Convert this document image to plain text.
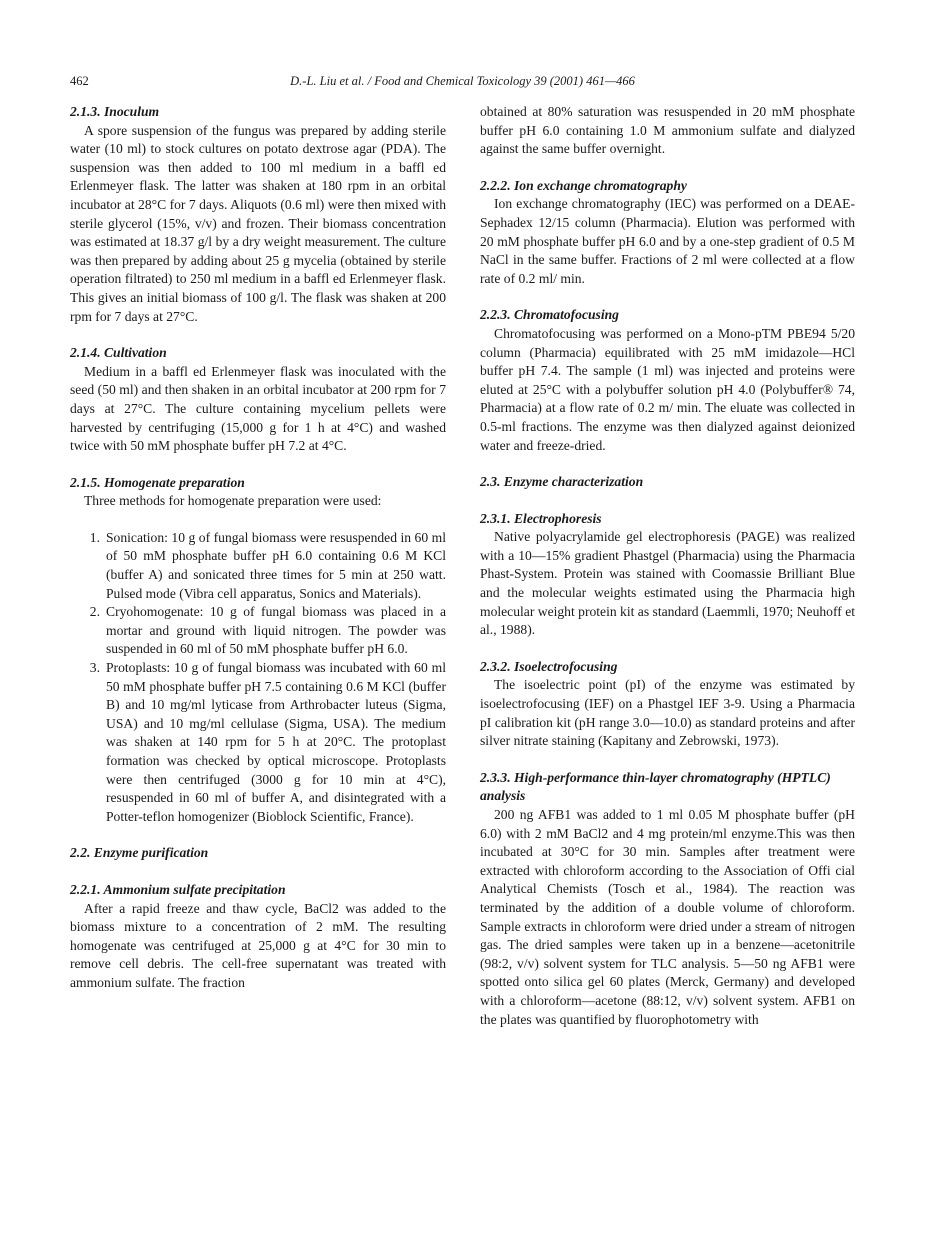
462	D.-L. Liu et al. / Food and Chemical Toxicology 39 (2001) 461—466
2.1.3. Inoculum

A spore suspension of the fungus was prepared by adding sterile water (10 ml) to stock cultures on potato dextrose agar (PDA). The suspension was then added to 100 ml medium in a baffl ed Erlenmeyer flask. The latter was shaken at 180 rpm in an orbital incubator at 28°C for 7 days. Aliquots (0.6 ml) were then mixed with sterile glycerol (15%, v/v) and frozen. Their biomass concentration was estimated at 18.37 g/l by a dry weight measurement. The culture was then prepared by adding about 25 g mycelia (obtained by sterile operation filtrated) to 250 ml medium in a baffl ed Erlenmeyer flask. This gives an initial biomass of 100 g/l. The flask was shaken at 200 rpm for 7 days at 27°C.

2.1.4. Cultivation

Medium in a baffl ed Erlenmeyer flask was inoculated with the seed (50 ml) and then shaken in an orbital incubator at 200 rpm for 7 days at 27°C. The culture containing mycelium pellets were harvested by centrifuging (15,000 g for 1 h at 4°C) and washed twice with 50 mM phosphate buffer pH 7.2 at 4°C.

2.1.5. Homogenate preparation

Three methods for homogenate preparation were used:

1. Sonication: 10 g of fungal biomass were resuspended in 60 ml of 50 mM phosphate buffer pH 6.0 containing 0.6 M KCl (buffer A) and sonicated three times for 5 min at 250 watt. Pulsed mode (Vibra cell apparatus, Sonics and Materials).
2. Cryohomogenate: 10 g of fungal biomass was placed in a mortar and ground with liquid nitrogen. The powder was suspended in 60 ml of 50 mM phosphate buffer pH 6.0.
3. Protoplasts: 10 g of fungal biomass was incubated with 60 ml 50 mM phosphate buffer pH 7.5 containing 0.6 M KCl (buffer B) and 10 mg/ml lyticase from Arthrobacter luteus (Sigma, USA) and 10 mg/ml cellulase (Sigma, USA). The medium was shaken at 140 rpm for 5 h at 20°C. The protoplast formation was checked by optical microscope. Protoplasts were then centrifuged (3000 g for 10 min at 4°C), resuspended in 60 ml of buffer A, and disintegrated with a Potter-teflon homogenizer (Bioblock Scientific, France).
2.2. Enzyme purification
2.2.1. Ammonium sulfate precipitation

After a rapid freeze and thaw cycle, BaCl2 was added to the biomass mixture to a concentration of 2 mM. The resulting homogenate was centrifuged at 25,000 g at 4°C for 30 min to remove cell debris. The cell-free supernatant was treated with ammonium sulfate. The fraction

obtained at 80% saturation was resuspended in 20 mM phosphate buffer pH 6.0 containing 1.0 M ammonium sulfate and dialyzed against the same buffer overnight.

2.2.2. Ion exchange chromatography

Ion exchange chromatography (IEC) was performed on a DEAE-Sephadex 12/15 column (Pharmacia). Elution was performed with 20 mM phosphate buffer pH 6.0 and by a one-step gradient of 0.5 M NaCl in the same buffer. Fractions of 2 ml were collected at a flow rate of 0.2 ml/ min.

2.2.3. Chromatofocusing

Chromatofocusing was performed on a Mono-pTM PBE94 5/20 column (Pharmacia) equilibrated with 25 mM imidazole—HCl buffer pH 7.4. The sample (1 ml) was injected and proteins were eluted at 25°C with a polybuffer solution pH 4.0 (Polybuffer® 74, Pharmacia) at a flow rate of 0.2 m/ min. The eluate was collected in 0.5-ml fractions. The enzyme was then dialyzed against deionized water and freeze-dried.

2.3. Enzyme characterization
2.3.1. Electrophoresis

Native polyacrylamide gel electrophoresis (PAGE) was realized with a 10—15% gradient Phastgel (Pharmacia) using the Pharmacia Phast-System. Protein was stained with Coomassie Brilliant Blue and the molecular weights estimated using the Pharmacia high molecular weight protein kit as standard (Laemmli, 1970; Neuhoff et al., 1988).

2.3.2. Isoelectrofocusing

The isoelectric point (pI) of the enzyme was estimated by isoelectrofocusing (IEF) on a Phastgel IEF 3-9. Using a Pharmacia pI calibration kit (pH range 3.0—10.0) as standard proteins and after silver nitrate staining (Kapitany and Zebrowski, 1973).

2.3.3. High-performance thin-layer chromatography (HPTLC) analysis

200 ng AFB1 was added to 1 ml 0.05 M phosphate buffer (pH 6.0) with 2 mM BaCl2 and 4 mg protein/ml enzyme.This was then incubated at 30°C for 30 min. Samples after treatment were extracted with chloroform according to the Association of Offi cial Analytical Chemists (Tosch et al., 1984). The reaction was terminated by the addition of a double volume of chloroform. Sample extracts in chloroform were dried under a stream of nitrogen gas. The dried samples were taken up in a benzene—acetonitrile (98:2, v/v) solvent system for TLC analysis. 5—50 ng AFB1 were spotted onto silica gel 60 plates (Merck, Germany) and developed with a chloroform—acetone (88:12, v/v) solvent system. AFB1 on the plates was quantified by fluorophotometry with
